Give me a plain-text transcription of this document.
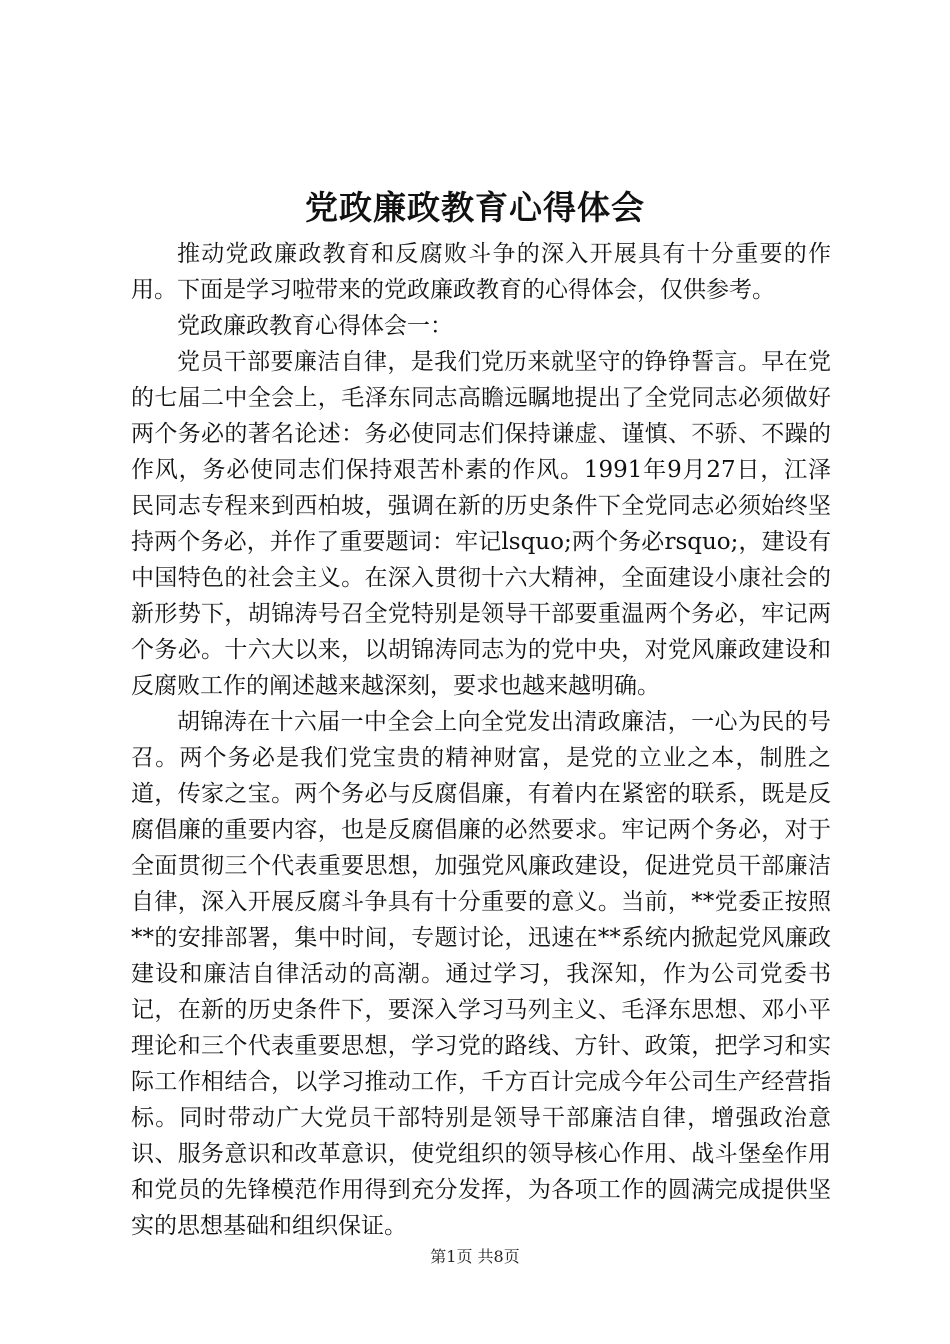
党政廉政教育心得体会

推动党政廉政教育和反腐败斗争的深入开展具有十分重要的作用。下面是学习啦带来的党政廉政教育的心得体会，仅供参考。

党政廉政教育心得体会一：

党员干部要廉洁自律，是我们党历来就坚守的铮铮誓言。早在党的七届二中全会上，毛泽东同志高瞻远瞩地提出了全党同志必须做好两个务必的著名论述：务必使同志们保持谦虚、谨慎、不骄、不躁的作风，务必使同志们保持艰苦朴素的作风。1991年9月27日，江泽民同志专程来到西柏坡，强调在新的历史条件下全党同志必须始终坚持两个务必，并作了重要题词：牢记lsquo;两个务必rsquo;，建设有中国特色的社会主义。在深入贯彻十六大精神，全面建设小康社会的新形势下，胡锦涛号召全党特别是领导干部要重温两个务必，牢记两个务必。十六大以来，以胡锦涛同志为的党中央，对党风廉政建设和反腐败工作的阐述越来越深刻，要求也越来越明确。

胡锦涛在十六届一中全会上向全党发出清政廉洁，一心为民的号召。两个务必是我们党宝贵的精神财富，是党的立业之本，制胜之道，传家之宝。两个务必与反腐倡廉，有着内在紧密的联系，既是反腐倡廉的重要内容，也是反腐倡廉的必然要求。牢记两个务必，对于全面贯彻三个代表重要思想，加强党风廉政建设，促进党员干部廉洁自律，深入开展反腐斗争具有十分重要的意义。当前，**党委正按照**的安排部署，集中时间，专题讨论，迅速在**系统内掀起党风廉政建设和廉洁自律活动的高潮。通过学习，我深知，作为公司党委书记，在新的历史条件下，要深入学习马列主义、毛泽东思想、邓小平理论和三个代表重要思想，学习党的路线、方针、政策，把学习和实际工作相结合，以学习推动工作，千方百计完成今年公司生产经营指标。同时带动广大党员干部特别是领导干部廉洁自律，增强政治意识、服务意识和改革意识，使党组织的领导核心作用、战斗堡垒作用和党员的先锋模范作用得到充分发挥，为各项工作的圆满完成提供坚实的思想基础和组织保证。

第1页 共8页
